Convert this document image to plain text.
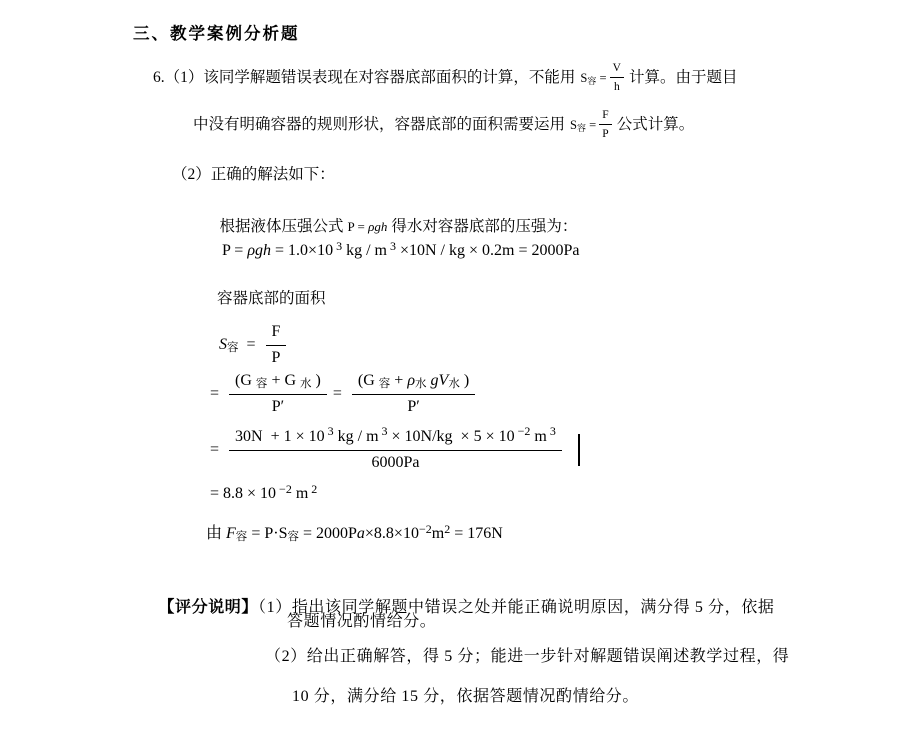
三、教学案例分析题
6.（1）该同学解题错误表现在对容器底部面积的计算，不能用 S容 = $\frac{V}{h}$ 计算。由于题目
中没有明确容器的规则形状，容器底部的面积需要运用 S容 = $\frac{F}{P}$ 公式计算。
（2）正确的解法如下：

根据液体压强公式 P = ρgh 得水对容器底部的压强为：

P = ρgh = 1.0×10 $^3$ kg / m $^3$ ×10N / kg × 0.2m = 2000Pa
容器底部的面积
S容  = $\frac{F}{P}$
= $\frac{\text{(G 容 + G 水 )}}{P'} = \frac{\text{(G 容 + ρ水 gV水 )}}{P'}$
= $\frac{30N + 1 \times 10 ^3 kg / m ^3 \times 10N/kg \times 5 \times 10 ^{-2} m ^3}{6000Pa}$
= 8.8 × 10 $^{-2}$ m $^2$
由 F容 = P·S容 = $2000Pa\times 8.8\times 10^{-2}m^2 = 176N$

【评分说明】（1）指出该同学解题中错误之处并能正确说明原因，满分得 5 分，依据

答题情况酌情给分。
（2）给出正确解答，得 5 分；能进一步针对解题错误阐述教学过程，得
10 分，满分给 15 分，依据答题情况酌情给分。
